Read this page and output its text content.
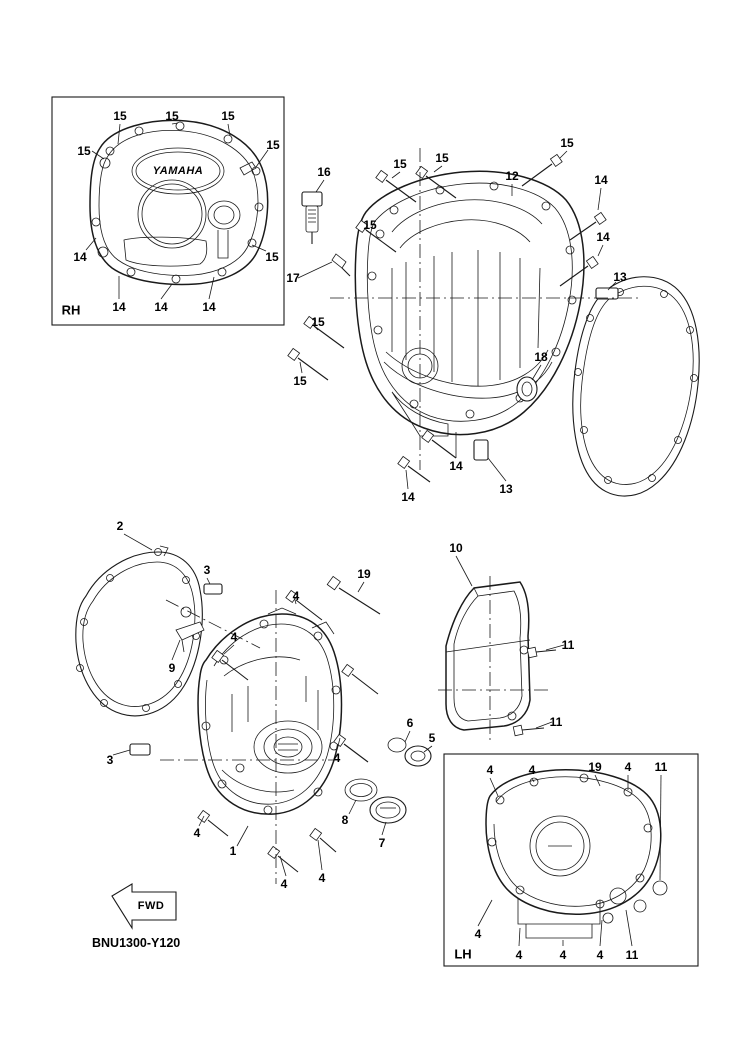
YAMAHA
RH
LH
FWD
BNU1300-Y120
15	15	15
15	15
14	15
14 14	14
16
15 15
12
15
14
15
14
13
17
15
15
18
14
13
14
2
3	19
4
10
4
9
11
11
6
5
3	4
8
7
4
1
4	4
4	4	19 4 11
4
4	4	4 11
